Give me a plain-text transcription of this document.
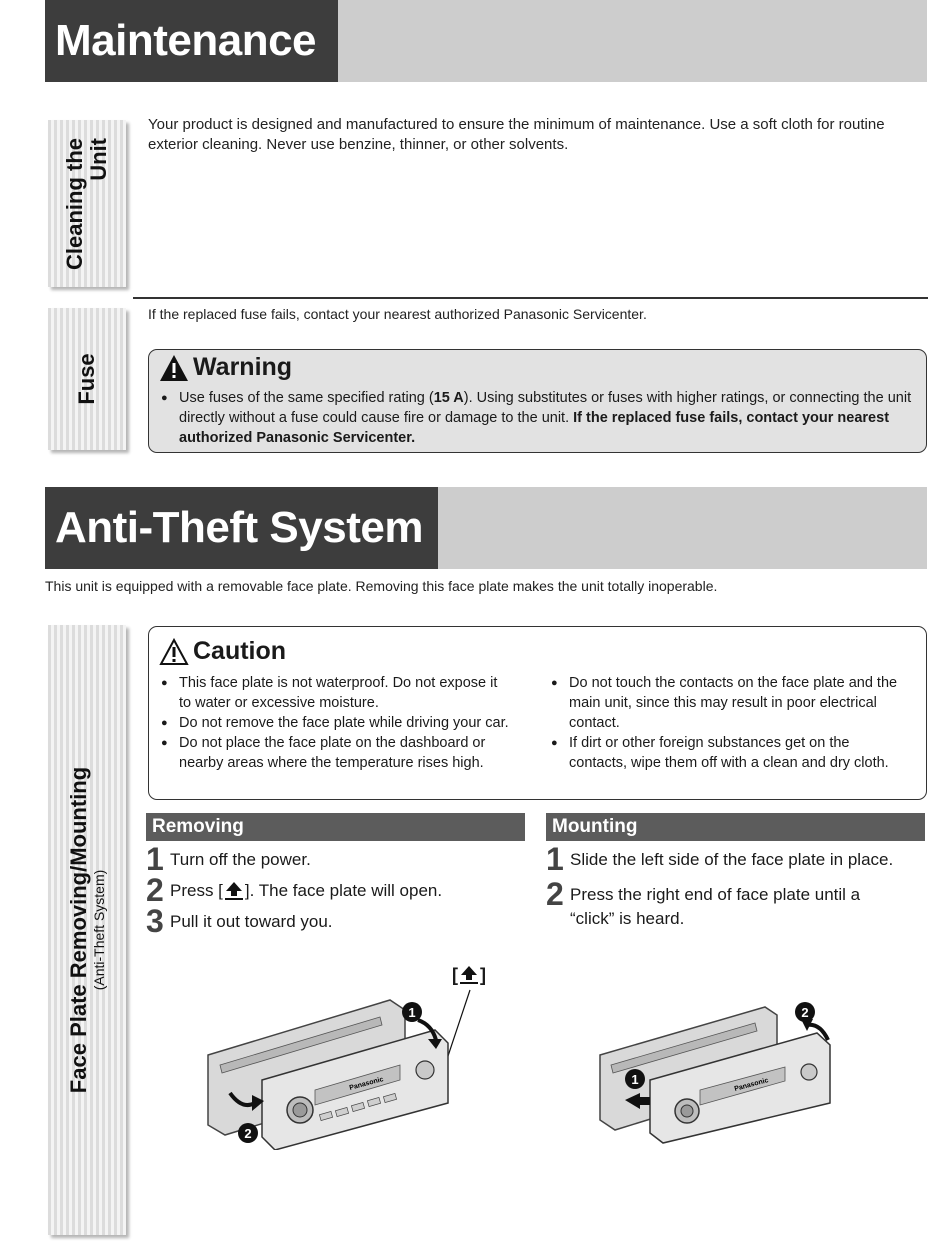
Maintenance
Cleaning the Unit
Your product is designed and manufactured to ensure the minimum of maintenance. Use a soft cloth for routine exterior cleaning. Never use benzine, thinner, or other solvents.
Fuse
If the replaced fuse fails, contact your nearest authorized Panasonic Servicenter.
Warning
● Use fuses of the same specified rating (15 A). Using substitutes or fuses with higher ratings, or connecting the unit directly without a fuse could cause fire or damage to the unit. If the replaced fuse fails, contact your nearest authorized Panasonic Servicenter.
Anti-Theft System
This unit is equipped with a removable face plate. Removing this face plate makes the unit totally inoperable.
Face Plate Removing/Mounting (Anti-Theft System)
Caution
● This face plate is not waterproof. Do not expose it to water or excessive moisture.
● Do not remove the face plate while driving your car.
● Do not place the face plate on the dashboard or nearby areas where the temperature rises high.
● Do not touch the contacts on the face plate and the main unit, since this may result in poor electrical contact.
● If dirt or other foreign substances get on the contacts, wipe them off with a clean and dry cloth.
Removing
1 Turn off the power.
2 Press [ ]. The face plate will open.
3 Pull it out toward you.
Mounting
1 Slide the left side of the face plate in place.
2 Press the right end of face plate until a “click” is heard.
[ ]
Panasonic
1
2
Panasonic
1
2
